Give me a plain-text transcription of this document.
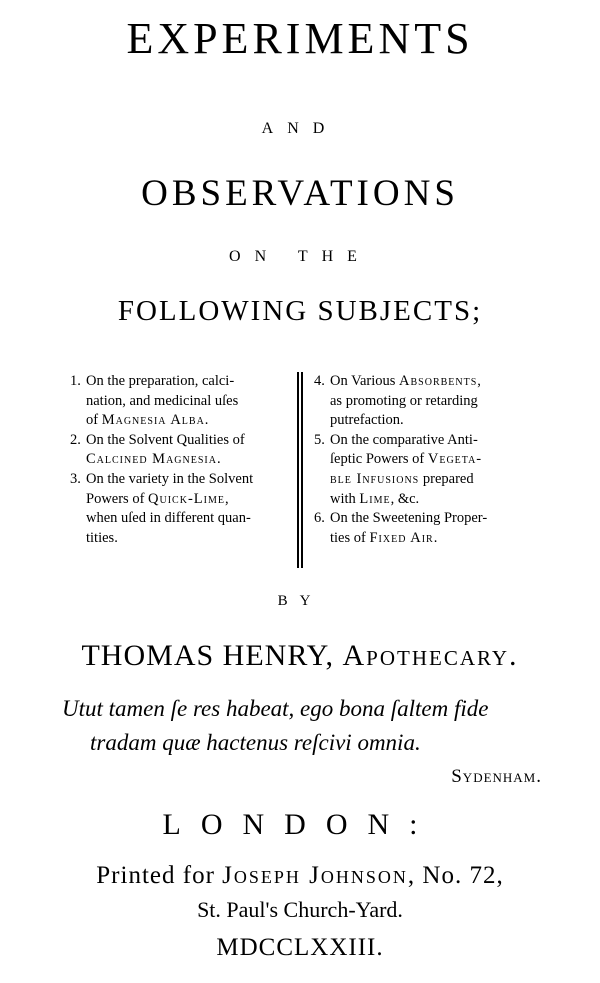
EXPERIMENTS
AND
OBSERVATIONS
ON THE
FOLLOWING SUBJECTS;
1. On the preparation, calci-
nation, and medicinal uſes
of Magnesia Alba.
2. On the Solvent Qualities of
Calcined Magnesia.
3. On the variety in the Solvent
Powers of Quick-Lime,
when uſed in different quan-
tities.
4. On Various Absorbents,
as promoting or retarding
putrefaction.
5. On the comparative Anti-
ſeptic Powers of Vegeta-
ble Infusions prepared
with Lime, &c.
6. On the Sweetening Proper-
ties of Fixed Air.
BY
THOMAS HENRY, Apothecary.
Utut tamen ſe res habeat, ego bona ſaltem fide
tradam quæ hactenus reſcivi omnia.
Sydenham.
LONDON:
Printed for Joseph Johnson, No. 72,
St. Paul's Church-Yard.
MDCCLXXIII.
